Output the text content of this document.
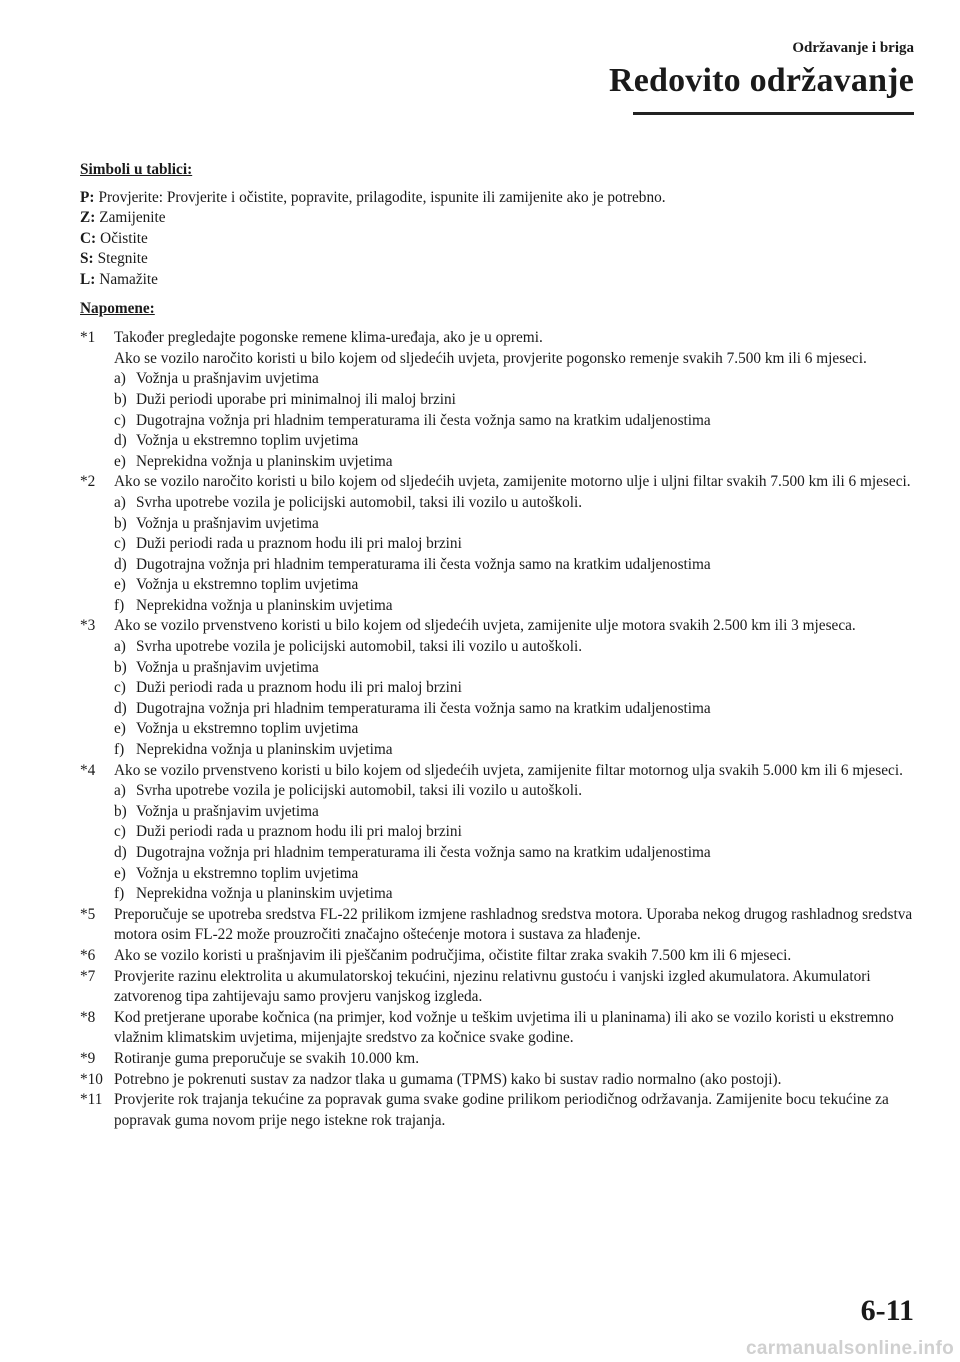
Održavanje i briga
Redovito održavanje

Simboli u tablici:

P: Provjerite: Provjerite i očistite, popravite, prilagodite, ispunite ili zamijenite ako je potrebno.

Z: Zamijenite

C: Očistite

S: Stegnite

L: Namažite

Napomene:

*1	Također pregledajte pogonske remene klima-uređaja, ako je u opremi.
Ako se vozilo naročito koristi u bilo kojem od sljedećih uvjeta, provjerite pogonsko remenje svakih 7.500 km ili 6 mjeseci.
a) Vožnja u prašnjavim uvjetima
b) Duži periodi uporabe pri minimalnoj ili maloj brzini
c) Dugotrajna vožnja pri hladnim temperaturama ili česta vožnja samo na kratkim udaljenostima
d) Vožnja u ekstremno toplim uvjetima
e) Neprekidna vožnja u planinskim uvjetima
*2	Ako se vozilo naročito koristi u bilo kojem od sljedećih uvjeta, zamijenite motorno ulje i uljni filtar svakih 7.500 km ili 6 mjeseci.
a) Svrha upotrebe vozila je policijski automobil, taksi ili vozilo u autoškoli.
b) Vožnja u prašnjavim uvjetima
c) Duži periodi rada u praznom hodu ili pri maloj brzini
d) Dugotrajna vožnja pri hladnim temperaturama ili česta vožnja samo na kratkim udaljenostima
e) Vožnja u ekstremno toplim uvjetima
f) Neprekidna vožnja u planinskim uvjetima
*3	Ako se vozilo prvenstveno koristi u bilo kojem od sljedećih uvjeta, zamijenite ulje motora svakih 2.500 km ili 3 mjeseca.
a) Svrha upotrebe vozila je policijski automobil, taksi ili vozilo u autoškoli.
b) Vožnja u prašnjavim uvjetima
c) Duži periodi rada u praznom hodu ili pri maloj brzini
d) Dugotrajna vožnja pri hladnim temperaturama ili česta vožnja samo na kratkim udaljenostima
e) Vožnja u ekstremno toplim uvjetima
f) Neprekidna vožnja u planinskim uvjetima
*4	Ako se vozilo prvenstveno koristi u bilo kojem od sljedećih uvjeta, zamijenite filtar motornog ulja svakih 5.000 km ili 6 mjeseci.
a) Svrha upotrebe vozila je policijski automobil, taksi ili vozilo u autoškoli.
b) Vožnja u prašnjavim uvjetima
c) Duži periodi rada u praznom hodu ili pri maloj brzini
d) Dugotrajna vožnja pri hladnim temperaturama ili česta vožnja samo na kratkim udaljenostima
e) Vožnja u ekstremno toplim uvjetima
f) Neprekidna vožnja u planinskim uvjetima
*5	Preporučuje se upotreba sredstva FL-22 prilikom izmjene rashladnog sredstva motora. Uporaba nekog drugog rashladnog sredstva motora osim FL-22 može prouzročiti značajno oštećenje motora i sustava za hlađenje.
*6	Ako se vozilo koristi u prašnjavim ili pješčanim područjima, očistite filtar zraka svakih 7.500 km ili 6 mjeseci.
*7	Provjerite razinu elektrolita u akumulatorskoj tekućini, njezinu relativnu gustoću i vanjski izgled akumulatora. Akumulatori zatvorenog tipa zahtijevaju samo provjeru vanjskog izgleda.
*8	Kod pretjerane uporabe kočnica (na primjer, kod vožnje u teškim uvjetima ili u planinama) ili ako se vozilo koristi u ekstremno vlažnim klimatskim uvjetima, mijenjajte sredstvo za kočnice svake godine.
*9	Rotiranje guma preporučuje se svakih 10.000 km.
*10 Potrebno je pokrenuti sustav za nadzor tlaka u gumama (TPMS) kako bi sustav radio normalno (ako postoji).
*11 Provjerite rok trajanja tekućine za popravak guma svake godine prilikom periodičnog održavanja. Zamijenite bocu tekućine za popravak guma novom prije nego istekne rok trajanja.
6-11
carmanualsonline.info
